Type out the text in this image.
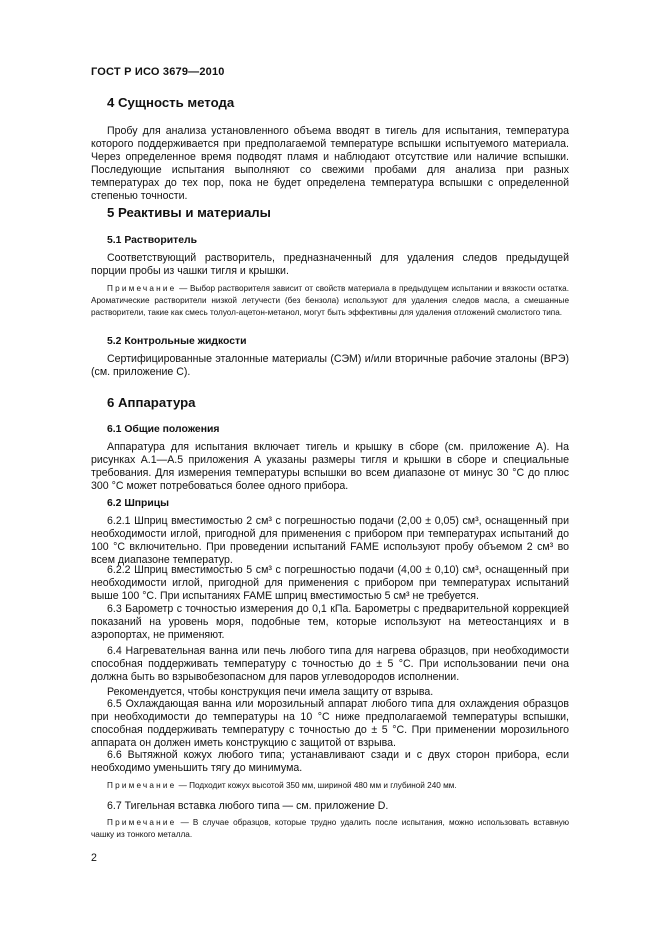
ГОСТ Р ИСО 3679—2010
4 Сущность метода

Пробу для анализа установленного объема вводят в тигель для испытания, температура которого поддерживается при предполагаемой температуре вспышки испытуемого материала. Через определенное время подводят пламя и наблюдают отсутствие или наличие вспышки. Последующие испытания выполняют со свежими пробами для анализа при разных температурах до тех пор, пока не будет определена температура вспышки с определенной степенью точности.

5 Реактивы и материалы
5.1 Растворитель

Соответствующий растворитель, предназначенный для удаления следов предыдущей порции пробы из чашки тигля и крышки.

Примечание — Выбор растворителя зависит от свойств материала в предыдущем испытании и вязкости остатка. Ароматические растворители низкой летучести (без бензола) используют для удаления следов масла, а смешанные растворители, такие как смесь толуол-ацетон-метанол, могут быть эффективны для удаления отложений смолистого типа.

5.2 Контрольные жидкости

Сертифицированные эталонные материалы (СЭМ) и/или вторичные рабочие эталоны (ВРЭ) (см. приложение С).

6 Аппаратура
6.1 Общие положения

Аппаратура для испытания включает тигель и крышку в сборе (см. приложение А). На рисунках А.1—А.5 приложения А указаны размеры тигля и крышки в сборе и специальные требования. Для измерения температуры вспышки во всем диапазоне от минус 30 °С до плюс 300 °С может потребоваться более одного прибора.

6.2 Шприцы

6.2.1 Шприц вместимостью 2 см³ с погрешностью подачи (2,00 ± 0,05) см³, оснащенный при необходимости иглой, пригодной для применения с прибором при температурах испытаний до 100 °С включительно. При проведении испытаний FAME используют пробу объемом 2 см³ во всем диапазоне температур.

6.2.2 Шприц вместимостью 5 см³ с погрешностью подачи (4,00 ± 0,10) см³, оснащенный при необходимости иглой, пригодной для применения с прибором при температурах испытаний выше 100 °С. При испытаниях FAME шприц вместимостью 5 см³ не требуется.

6.3 Барометр с точностью измерения до 0,1 кПа. Барометры с предварительной коррекцией показаний на уровень моря, подобные тем, которые используют на метеостанциях и в аэропортах, не применяют.

6.4 Нагревательная ванна или печь любого типа для нагрева образцов, при необходимости способная поддерживать температуру с точностью до ± 5 °С. При использовании печи она должна быть во взрывобезопасном для паров углеводородов исполнении.

Рекомендуется, чтобы конструкция печи имела защиту от взрыва.

6.5 Охлаждающая ванна или морозильный аппарат любого типа для охлаждения образцов при необходимости до температуры на 10 °С ниже предполагаемой температуры вспышки, способная поддерживать температуру с точностью до ± 5 °С. При применении морозильного аппарата он должен иметь конструкцию с защитой от взрыва.

6.6 Вытяжной кожух любого типа; устанавливают сзади и с двух сторон прибора, если необходимо уменьшить тягу до минимума.

Примечание — Подходит кожух высотой 350 мм, шириной 480 мм и глубиной 240 мм.

6.7 Тигельная вставка любого типа — см. приложение D.

Примечание — В случае образцов, которые трудно удалить после испытания, можно использовать вставную чашку из тонкого металла.

2
